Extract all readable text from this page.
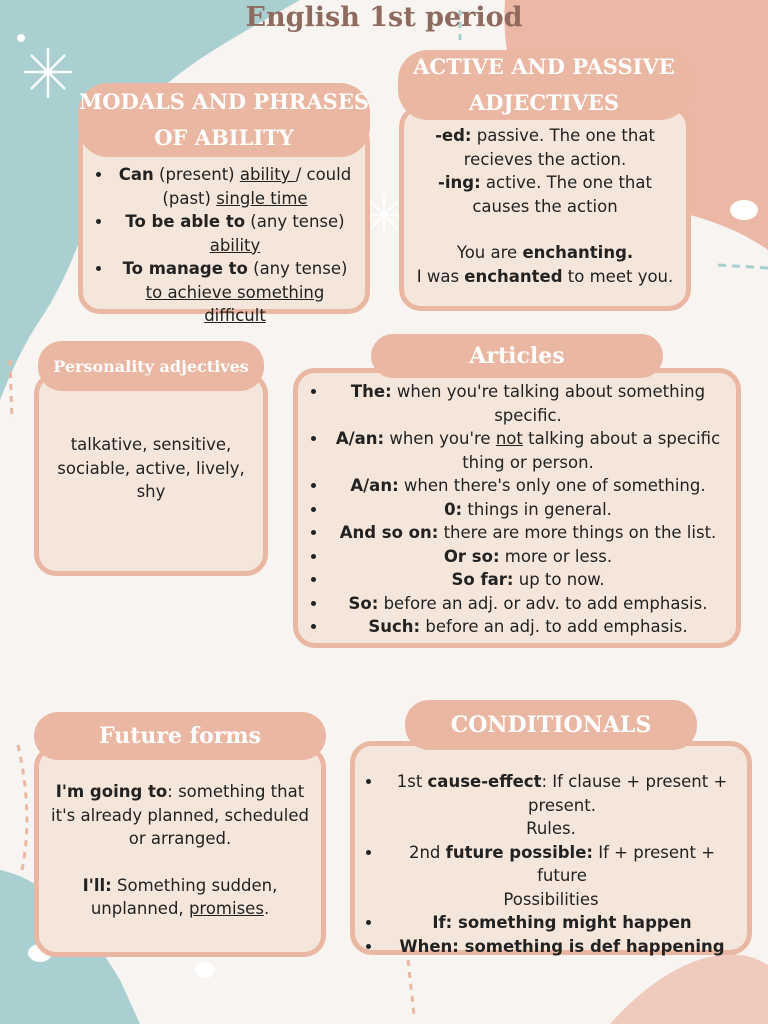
English 1st period
• Can (present) ability / could (past) single time
• To be able to (any tense) ability
• To manage to (any tense) to achieve something difficult
MODALS AND PHRASES OF ABILITY	-ed: passive. The one that recieves the action.
-ing: active. The one that causes the action
You are enchanting.
I was enchanted to meet you.
ACTIVE AND PASSIVE ADJECTIVES
talkative, sensitive, sociable, active, lively, shy
Personality adjectives
• The: when you're talking about something specific.
• A/an: when you're not talking about a specific thing or person.
• A/an: when there's only one of something.
• 0: things in general.
• And so on: there are more things on the list.
• Or so: more or less.
• So far: up to now.
• So: before an adj. or adv. to add emphasis.
• Such: before an adj. to add emphasis.
Articles
I'm going to: something that it's already planned, scheduled or arranged.
I'll: Something sudden, unplanned, promises.
Future forms
• 1st cause-effect: If clause + present + present.
Rules.
• 2nd future possible: If + present + future
Possibilities
• If: something might happen
• When: something is def happening
CONDITIONALS
